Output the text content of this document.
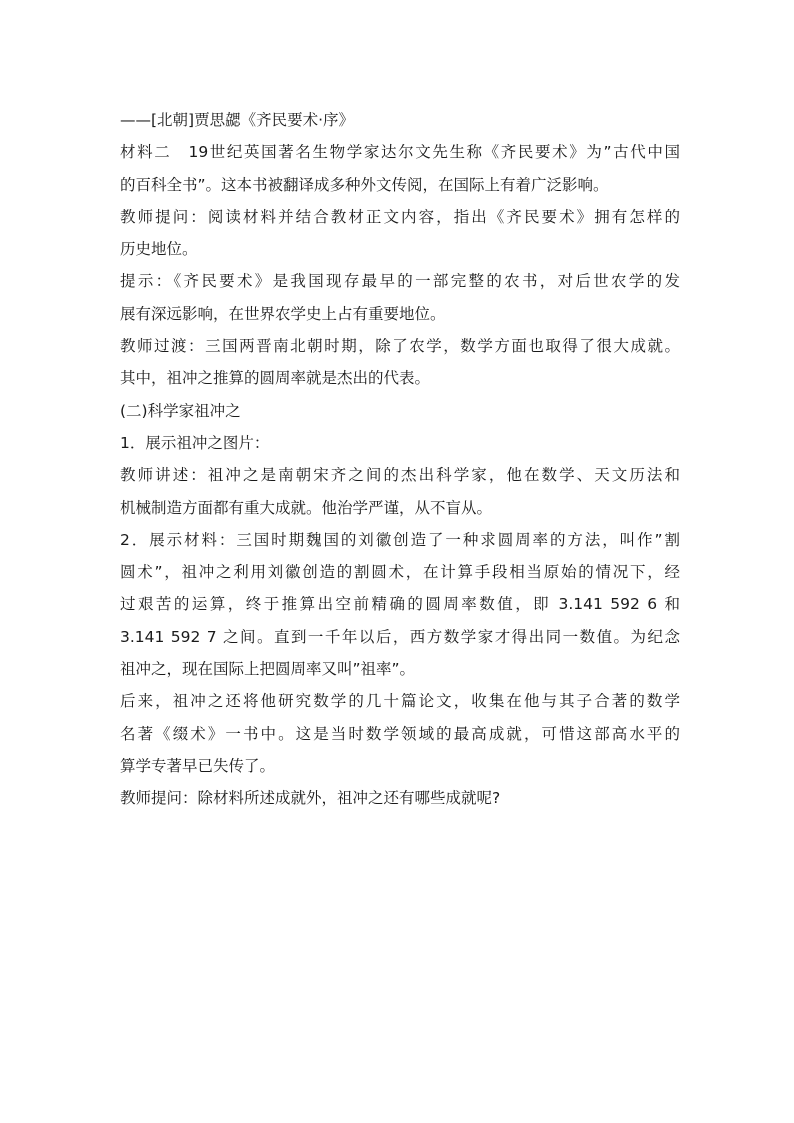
——[北朝]贾思勰《齐民要术·序》
材料二　19世纪英国著名生物学家达尔文先生称《齐民要术》为”古代中国
的百科全书”。这本书被翻译成多种外文传阅，在国际上有着广泛影响。
教师提问：阅读材料并结合教材正文内容，指出《齐民要术》拥有怎样的
历史地位。
提示：《齐民要术》是我国现存最早的一部完整的农书，对后世农学的发
展有深远影响，在世界农学史上占有重要地位。
教师过渡：三国两晋南北朝时期，除了农学，数学方面也取得了很大成就。
其中，祖冲之推算的圆周率就是杰出的代表。
(二)科学家祖冲之
1．展示祖冲之图片：
教师讲述：祖冲之是南朝宋齐之间的杰出科学家，他在数学、天文历法和
机械制造方面都有重大成就。他治学严谨，从不盲从。
2．展示材料：三国时期魏国的刘徽创造了一种求圆周率的方法，叫作”割
圆术”，祖冲之利用刘徽创造的割圆术，在计算手段相当原始的情况下，经
过艰苦的运算，终于推算出空前精确的圆周率数值，即 3.141 592 6 和
3.141 592 7 之间。直到一千年以后，西方数学家才得出同一数值。为纪念
祖冲之，现在国际上把圆周率又叫”祖率”。
后来，祖冲之还将他研究数学的几十篇论文，收集在他与其子合著的数学
名著《缀术》一书中。这是当时数学领域的最高成就，可惜这部高水平的
算学专著早已失传了。
教师提问：除材料所述成就外，祖冲之还有哪些成就呢?
